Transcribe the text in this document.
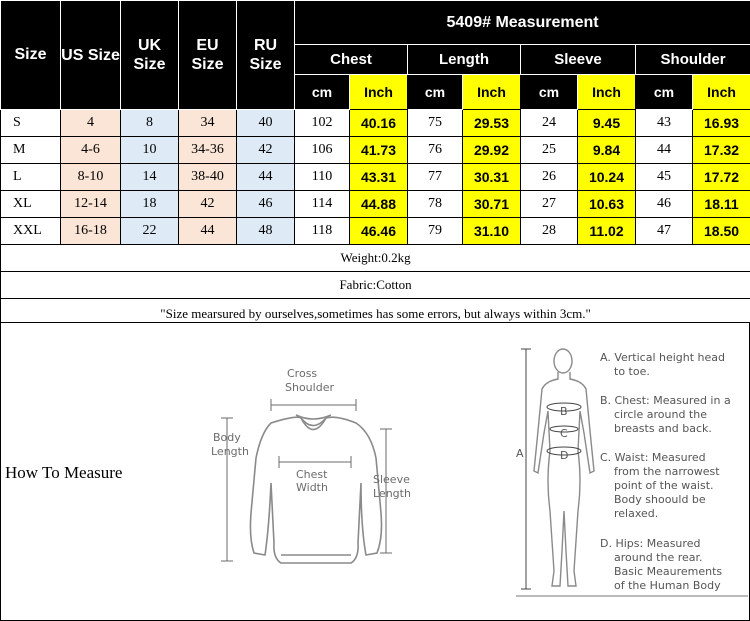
Size	US Size	UK Size	EU Size	RU Size	5409# Measurement							
					Chest		Length		Sleeve		Shoulder	
					cm	Inch	cm	Inch	cm	Inch	cm	Inch
S	4	8	34	40	102	40.16	75	29.53	24	9.45	43	16.93
M	4-6	10	34-36	42	106	41.73	76	29.92	25	9.84	44	17.32
L	8-10	14	38-40	44	110	43.31	77	30.31	26	10.24	45	17.72
XL	12-14	18	42	46	114	44.88	78	30.71	27	10.63	46	18.11
XXL	16-18	22	44	48	118	46.46	79	31.10	28	11.02	47	18.50
Weight:0.2kg												
Fabric:Cotton												
"Size mearsured by ourselves,sometimes has some errors, but always within 3cm."												
How To Measure
Cross
Shoulder
Body
Length
Chest
Width
Sleeve
Length
A
B
C
D
A. Vertical height head
to toe.
B. Chest: Measured in a
circle around the
breasts and back.
C. Waist: Measured
from the narrowest
point of the waist.
Body shoould be
relaxed.
D. Hips: Measured
around the rear.
Basic Meaurements
of the Human Body
